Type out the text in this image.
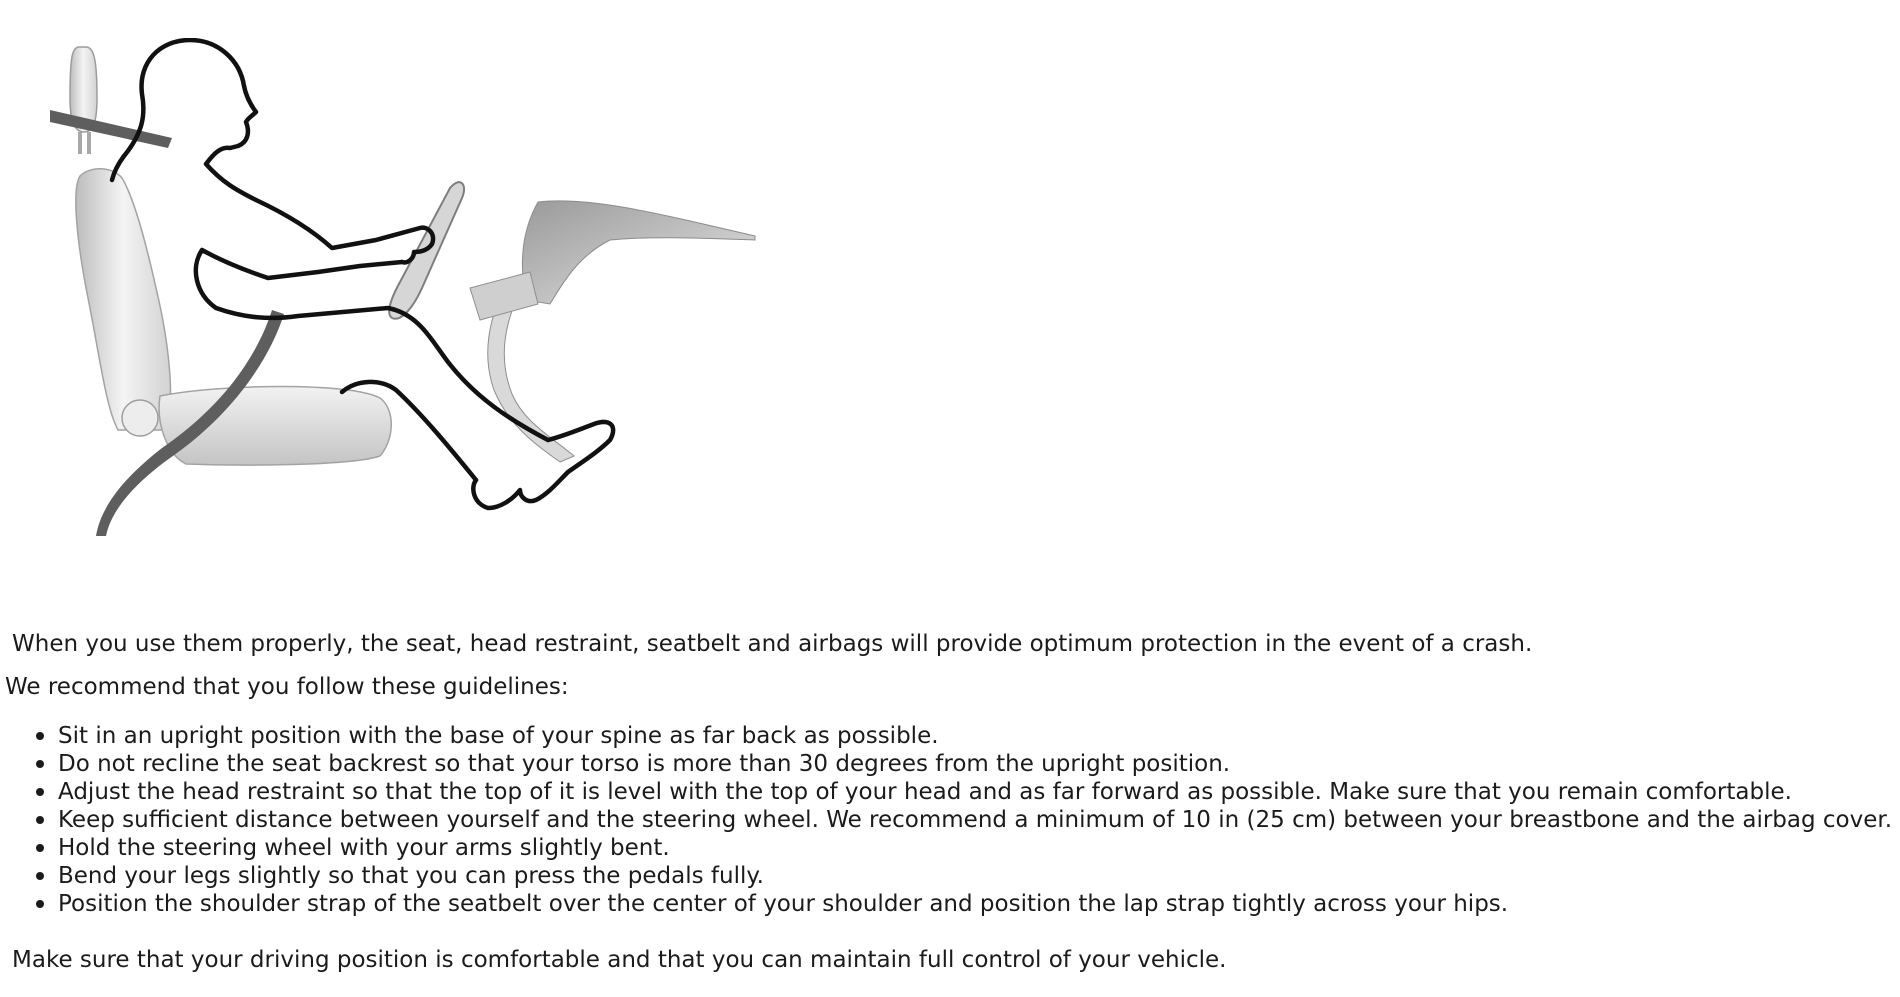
When you use them properly, the seat, head restraint, seatbelt and airbags will provide optimum protection in the event of a crash.

We recommend that you follow these guidelines:

Sit in an upright position with the base of your spine as far back as possible.
Do not recline the seat backrest so that your torso is more than 30 degrees from the upright position.
Adjust the head restraint so that the top of it is level with the top of your head and as far forward as possible. Make sure that you remain comfortable.
Keep sufficient distance between yourself and the steering wheel. We recommend a minimum of 10 in (25 cm) between your breastbone and the airbag cover.
Hold the steering wheel with your arms slightly bent.
Bend your legs slightly so that you can press the pedals fully.
Position the shoulder strap of the seatbelt over the center of your shoulder and position the lap strap tightly across your hips.

Make sure that your driving position is comfortable and that you can maintain full control of your vehicle.
